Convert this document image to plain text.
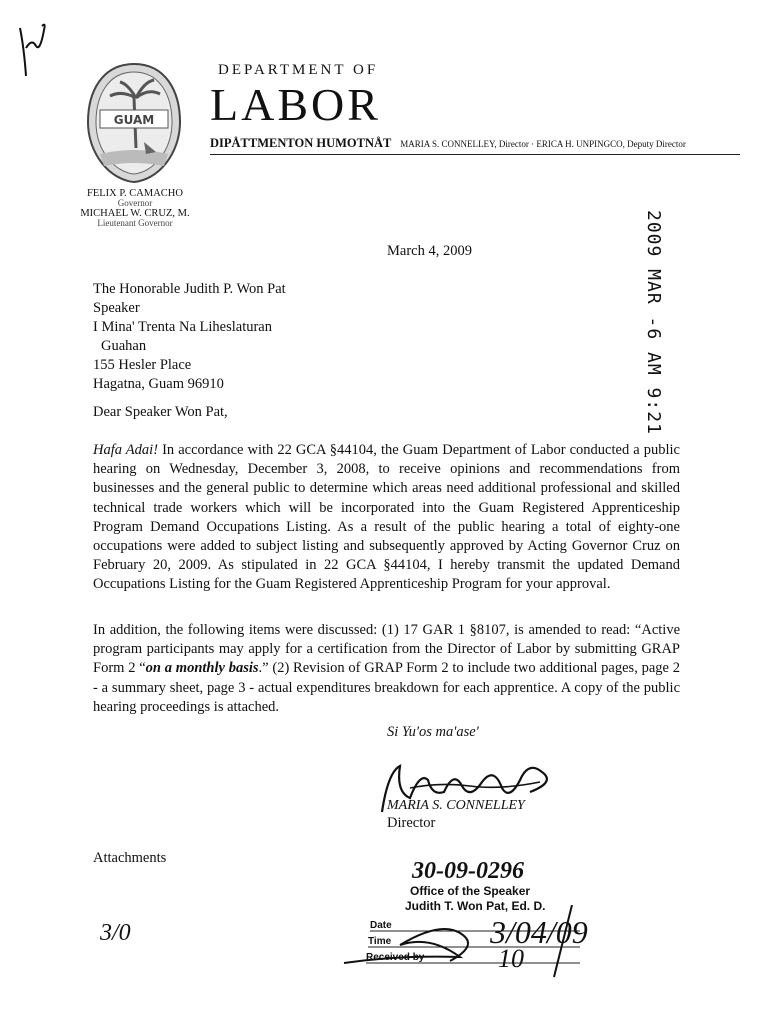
GUAM
DEPARTMENT OF
LABOR
DIPÅTTMENTON HUMOTNÅT MARIA S. CONNELLEY, Director · ERICA H. UNPINGCO, Deputy Director
FELIX P. CAMACHO
Governor
MICHAEL W. CRUZ, M.
Lieutenant Governor	2009 MAR -6 AM 9:21
March 4, 2009
The Honorable Judith P. Won Pat
Speaker
I Mina' Trenta Na Liheslaturan
Guahan
155 Hesler Place
Hagatna, Guam 96910
Dear Speaker Won Pat,

Hafa Adai! In accordance with 22 GCA §44104, the Guam Department of Labor conducted a public hearing on Wednesday, December 3, 2008, to receive opinions and recommendations from businesses and the general public to determine which areas need additional professional and skilled technical trade workers which will be incorporated into the Guam Registered Apprenticeship Program Demand Occupations Listing. As a result of the public hearing a total of eighty-one occupations were added to subject listing and subsequently approved by Acting Governor Cruz on February 20, 2009. As stipulated in 22 GCA §44104, I hereby transmit the updated Demand Occupations Listing for the Guam Registered Apprenticeship Program for your approval.

In addition, the following items were discussed: (1) 17 GAR 1 §8107, is amended to read: “Active program participants may apply for a certification from the Director of Labor by submitting GRAP Form 2 “on a monthly basis.” (2) Revision of GRAP Form 2 to include two additional pages, page 2 - a summary sheet, page 3 - actual expenditures breakdown for each apprentice. A copy of the public hearing proceedings is attached.

Si Yu'os ma'ase'
MARIA S. CONNELLEY
Director
Attachments
3/0
30-09-0296
Office of the Speaker
Judith T. Won Pat, Ed. D.
Date
Time
Received by
3/04/09
10
